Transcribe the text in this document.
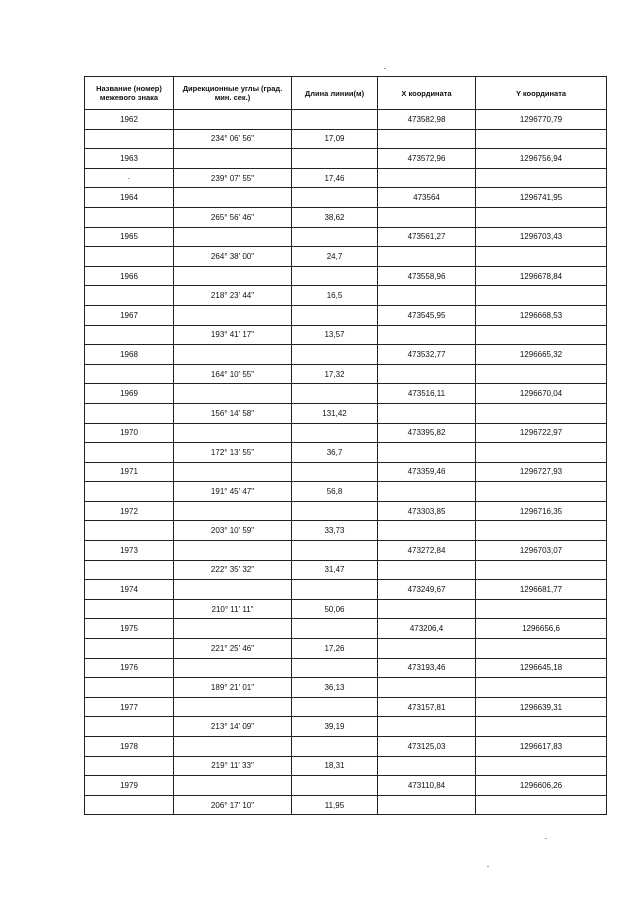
Название (номер) межевого знака	Дирекционные углы (град. мин. сек.)	Длина линии(м)	X координата	Y координата
1962			473582,98	1296770,79
	234° 06' 56"	17,09		
1963			473572,96	1296756,94
·	239° 07' 55"	17,46		
1964			473564	1296741,95
	265° 56' 46"	38,62		
1965			473561,27	1296703,43
	264° 38' 00"	24,7		
1966			473558,96	1296678,84
	218° 23' 44"	16,5		
1967			473545,95	1296668,53
	193° 41' 17"	13,57		
1968			473532,77	1296665,32
	164° 10' 55"	17,32		
1969			473516,11	1296670,04
	156° 14' 58"	131,42		
1970			473395,82	1296722,97
	172° 13' 55"	36,7		
1971			473359,46	1296727,93
	191° 45' 47"	56,8		
1972			473303,85	1296716,35
	203° 10' 59"	33,73		
1973			473272,84	1296703,07
	222° 35' 32"	31,47		
1974			473249,67	1296681,77
	210° 11' 11"	50,06		
1975			473206,4	1296656,6
	221° 25' 46"	17,26		
1976			473193,46	1296645,18
	189° 21' 01"	36,13		
1977			473157,81	1296639,31
	213° 14' 09"	39,19		
1978			473125,03	1296617,83
	219° 11' 33"	18,31		
1979			473110,84	1296606,26
	206° 17' 10"	11,95		
